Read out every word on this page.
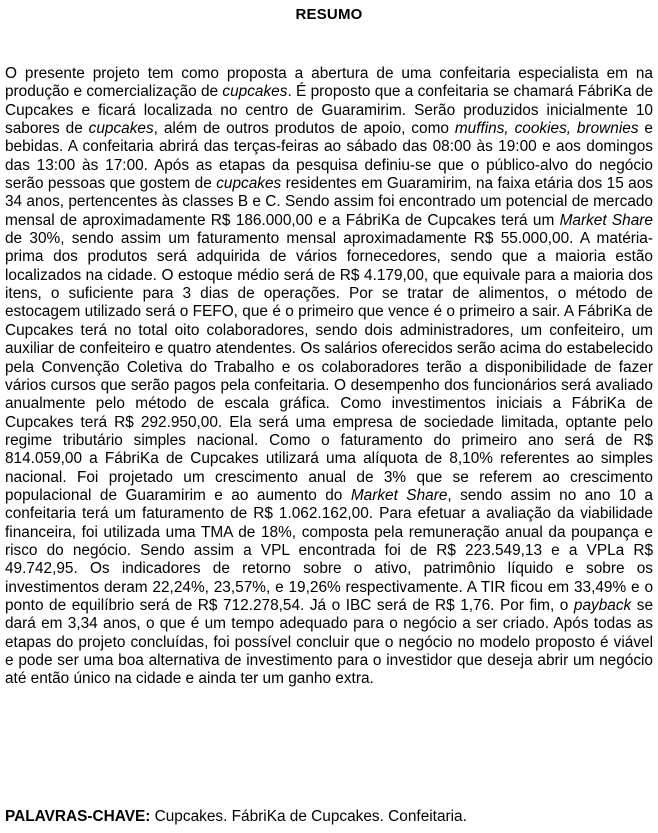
RESUMO

O presente projeto tem como proposta a abertura de uma confeitaria especialista em na produção e comercialização de cupcakes. É proposto que a confeitaria se chamará FábriKa de Cupcakes e ficará localizada no centro de Guaramirim. Serão produzidos inicialmente 10 sabores de cupcakes, além de outros produtos de apoio, como muffins, cookies, brownies e bebidas. A confeitaria abrirá das terças-feiras ao sábado das 08:00 às 19:00 e aos domingos das 13:00 às 17:00. Após as etapas da pesquisa definiu-se que o público-alvo do negócio serão pessoas que gostem de cupcakes residentes em Guaramirim, na faixa etária dos 15 aos 34 anos, pertencentes às classes B e C. Sendo assim foi encontrado um potencial de mercado mensal de aproximadamente R$ 186.000,00 e a FábriKa de Cupcakes terá um Market Share de 30%, sendo assim um faturamento mensal aproximadamente R$ 55.000,00. A matéria-prima dos produtos será adquirida de vários fornecedores, sendo que a maioria estão localizados na cidade. O estoque médio será de R$ 4.179,00, que equivale para a maioria dos itens, o suficiente para 3 dias de operações. Por se tratar de alimentos, o método de estocagem utilizado será o FEFO, que é o primeiro que vence é o primeiro a sair. A FábriKa de Cupcakes terá no total oito colaboradores, sendo dois administradores, um confeiteiro, um auxiliar de confeiteiro e quatro atendentes. Os salários oferecidos serão acima do estabelecido pela Convenção Coletiva do Trabalho e os colaboradores terão a disponibilidade de fazer vários cursos que serão pagos pela confeitaria. O desempenho dos funcionários será avaliado anualmente pelo método de escala gráfica. Como investimentos iniciais a FábriKa de Cupcakes terá R$ 292.950,00. Ela será uma empresa de sociedade limitada, optante pelo regime tributário simples nacional. Como o faturamento do primeiro ano será de R$ 814.059,00 a FábriKa de Cupcakes utilizará uma alíquota de 8,10% referentes ao simples nacional. Foi projetado um crescimento anual de 3% que se referem ao crescimento populacional de Guaramirim e ao aumento do Market Share, sendo assim no ano 10 a confeitaria terá um faturamento de R$ 1.062.162,00. Para efetuar a avaliação da viabilidade financeira, foi utilizada uma TMA de 18%, composta pela remuneração anual da poupança e risco do negócio. Sendo assim a VPL encontrada foi de R$ 223.549,13 e a VPLa R$ 49.742,95. Os indicadores de retorno sobre o ativo, patrimônio líquido e sobre os investimentos deram 22,24%, 23,57%, e 19,26% respectivamente. A TIR ficou em 33,49% e o ponto de equilíbrio será de R$ 712.278,54. Já o IBC será de R$ 1,76. Por fim, o payback se dará em 3,34 anos, o que é um tempo adequado para o negócio a ser criado. Após todas as etapas do projeto concluídas, foi possível concluir que o negócio no modelo proposto é viável e pode ser uma boa alternativa de investimento para o investidor que deseja abrir um negócio até então único na cidade e ainda ter um ganho extra.

PALAVRAS-CHAVE: Cupcakes. FábriKa de Cupcakes. Confeitaria.
